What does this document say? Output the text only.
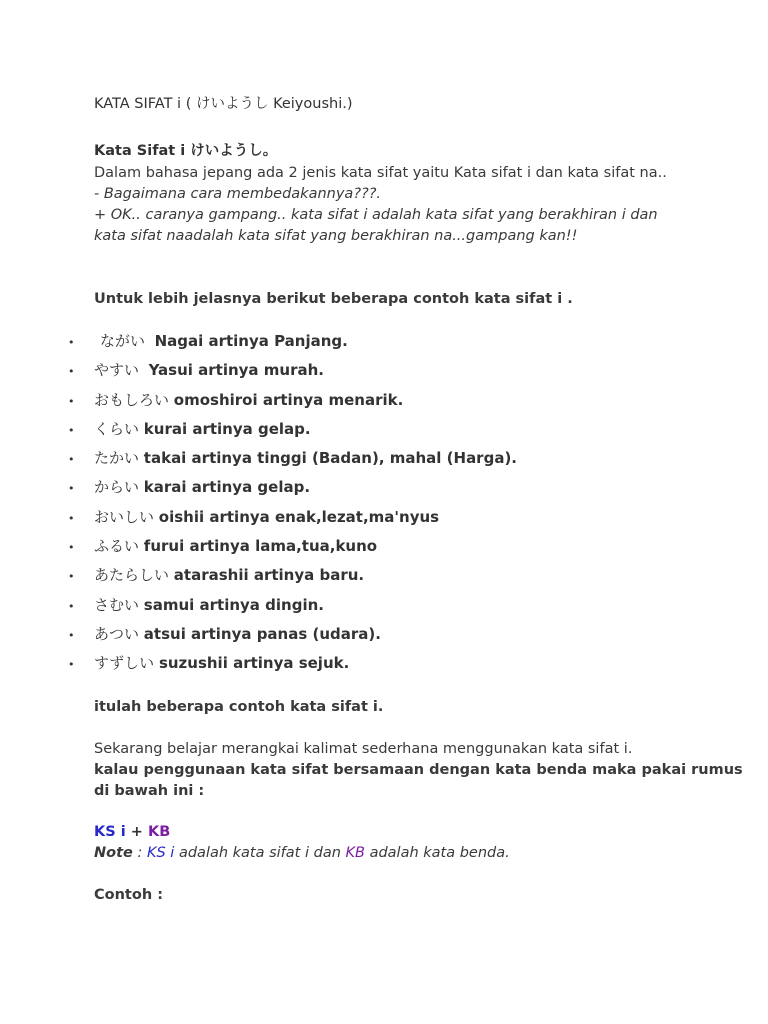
KATA SIFAT i ( けいようし Keiyoushi.)
Kata Sifat i けいようし。
Dalam bahasa jepang ada 2 jenis kata sifat yaitu Kata sifat i dan kata sifat na..
- Bagaimana cara membedakannya???.
+ OK.. caranya gampang.. kata sifat i adalah kata sifat yang berakhiran i dan
kata sifat naadalah kata sifat yang berakhiran na...gampang kan!!
Untuk lebih jelasnya berikut beberapa contoh kata sifat i .
• ながい Nagai artinya Panjang.
• やすい Yasui artinya murah.
• おもしろい omoshiroi artinya menarik.
• くらい kurai artinya gelap.
• たかい takai artinya tinggi (Badan), mahal (Harga).
• からい karai artinya gelap.
• おいしい oishii artinya enak,lezat,ma'nyus
• ふるい furui artinya lama,tua,kuno
• あたらしい atarashii artinya baru.
• さむい samui artinya dingin.
• あつい atsui artinya panas (udara).
• すずしい suzushii artinya sejuk.
itulah beberapa contoh kata sifat i.
Sekarang belajar merangkai kalimat sederhana menggunakan kata sifat i.
kalau penggunaan kata sifat bersamaan dengan kata benda maka pakai rumus
di bawah ini :
KS i + KB
Note : KS i adalah kata sifat i dan KB adalah kata benda.
Contoh :
